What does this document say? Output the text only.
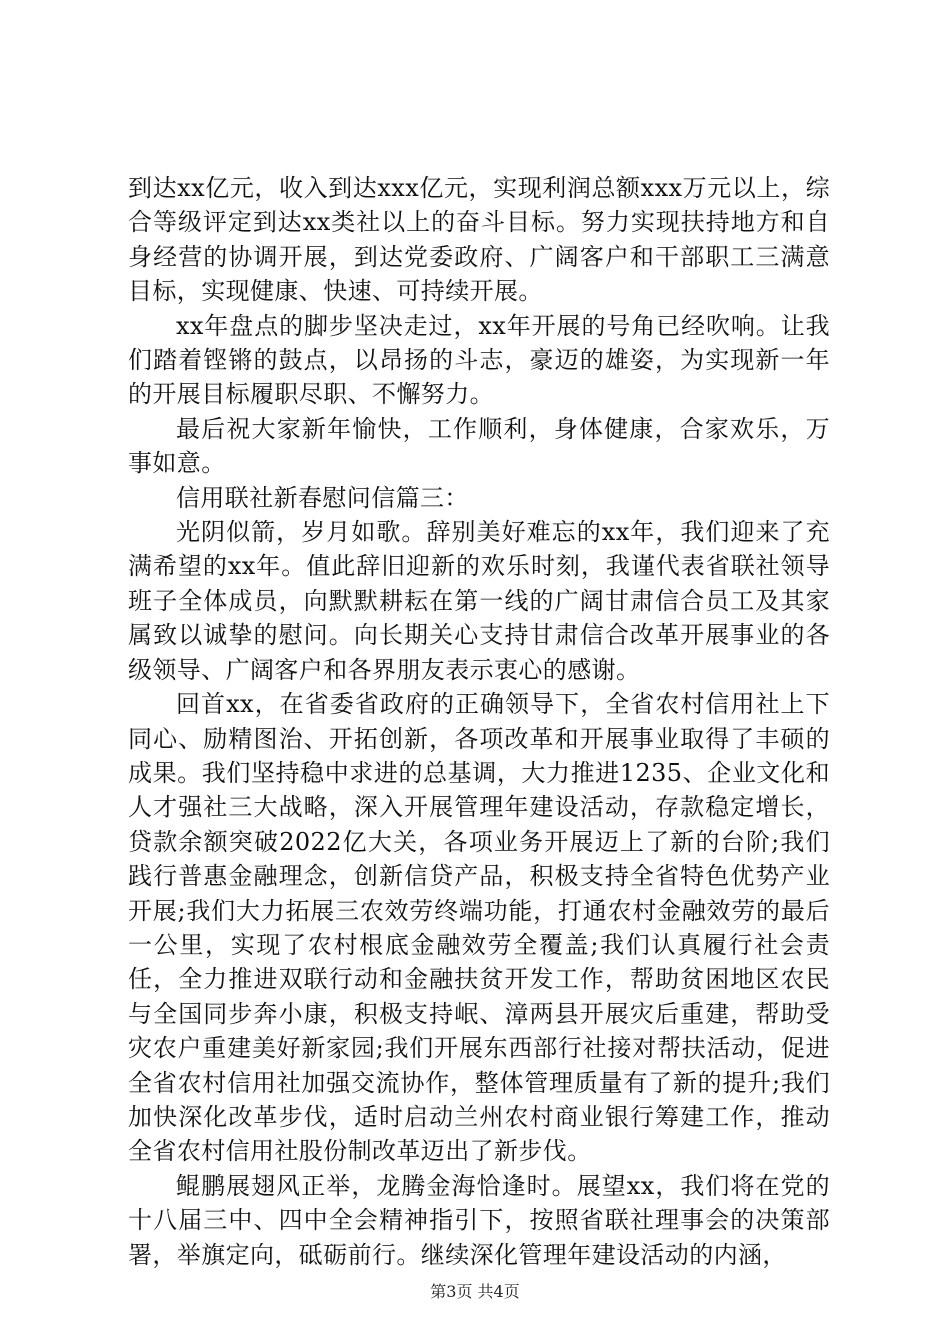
到达xx亿元，收入到达xxx亿元，实现利润总额xxx万元以上，综合等级评定到达xx类社以上的奋斗目标。努力实现扶持地方和自身经营的协调开展，到达党委政府、广阔客户和干部职工三满意目标，实现健康、快速、可持续开展。

xx年盘点的脚步坚决走过，xx年开展的号角已经吹响。让我们踏着铿锵的鼓点，以昂扬的斗志，豪迈的雄姿，为实现新一年的开展目标履职尽职、不懈努力。

最后祝大家新年愉快，工作顺利，身体健康，合家欢乐，万事如意。

信用联社新春慰问信篇三：

光阴似箭，岁月如歌。辞别美好难忘的xx年，我们迎来了充满希望的xx年。值此辞旧迎新的欢乐时刻，我谨代表省联社领导班子全体成员，向默默耕耘在第一线的广阔甘肃信合员工及其家属致以诚挚的慰问。向长期关心支持甘肃信合改革开展事业的各级领导、广阔客户和各界朋友表示衷心的感谢。

回首xx，在省委省政府的正确领导下，全省农村信用社上下同心、励精图治、开拓创新，各项改革和开展事业取得了丰硕的成果。我们坚持稳中求进的总基调，大力推进1235、企业文化和人才强社三大战略，深入开展管理年建设活动，存款稳定增长，贷款余额突破2022亿大关，各项业务开展迈上了新的台阶;我们践行普惠金融理念，创新信贷产品，积极支持全省特色优势产业开展;我们大力拓展三农效劳终端功能，打通农村金融效劳的最后一公里，实现了农村根底金融效劳全覆盖;我们认真履行社会责任，全力推进双联行动和金融扶贫开发工作，帮助贫困地区农民与全国同步奔小康，积极支持岷、漳两县开展灾后重建，帮助受灾农户重建美好新家园;我们开展东西部行社接对帮扶活动，促进全省农村信用社加强交流协作，整体管理质量有了新的提升;我们加快深化改革步伐，适时启动兰州农村商业银行筹建工作，推动全省农村信用社股份制改革迈出了新步伐。

鲲鹏展翅风正举，龙腾金海恰逢时。展望xx，我们将在党的十八届三中、四中全会精神指引下，按照省联社理事会的决策部署，举旗定向，砥砺前行。继续深化管理年建设活动的内涵，

第3页 共4页
